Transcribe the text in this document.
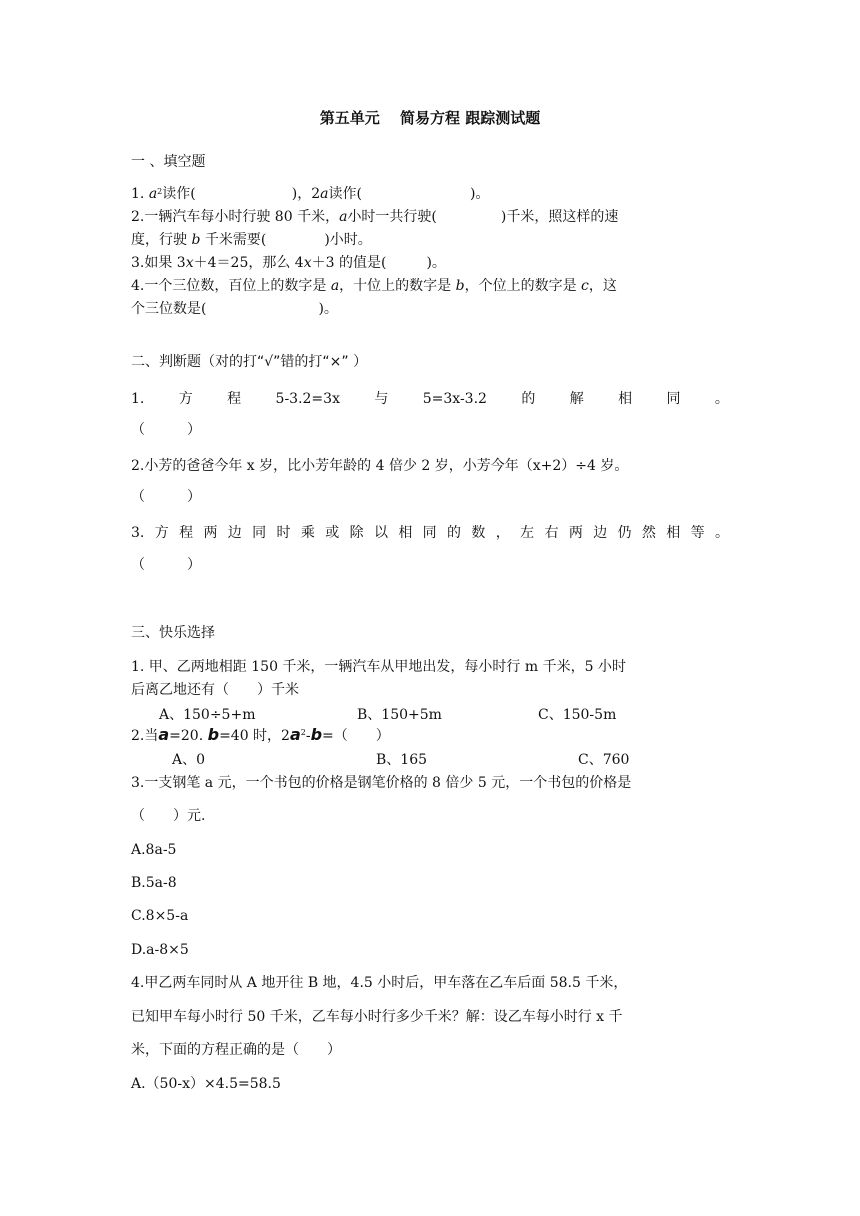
第五单元　 简易方程 跟踪测试题
一 、填空题
1. $a^2$读作(	)，2a读作(	)。
2.一辆汽车每小时行驶 80 千米，a小时一共行驶(	)千米，照这样的速
度，行驶 b 千米需要(	)小时。
3.如果 3x＋4＝25，那么 4x＋3 的值是(	)。
4.一个三位数，百位上的数字是 a，十位上的数字是 b，个位上的数字是 c，这
个三位数是(	)。
二、判断题（对的打“√”错的打“×” ）
1. 方 程 5-3.2=3x 与 5=3x-3.2 的 解 相 同 。
（　　　）
2.小芳的爸爸今年 x 岁，比小芳年龄的 4 倍少 2 岁，小芳今年（x+2）÷4 岁。
（　　　）
3. 方 程 两 边 同 时 乘 或 除 以 相 同 的 数 ， 左 右 两 边 仍 然 相 等 。
（　　　）
三、快乐选择
1. 甲、乙两地相距 150 千米，一辆汽车从甲地出发，每小时行 m 千米，5 小时
后离乙地还有（　　）千米
A、150÷5+m	B、150+5m	C、150-5m
2.当a=20. b=40 时，$2a^2-b=$（　　）
A、0	B、165	C、760
3.一支钢笔 a 元，一个书包的价格是钢笔价格的 8 倍少 5 元，一个书包的价格是
（　　）元.
A.8a-5
B.5a-8
C.8×5-a
D.a-8×5
4.甲乙两车同时从 A 地开往 B 地，4.5 小时后，甲车落在乙车后面 58.5 千米，
已知甲车每小时行 50 千米，乙车每小时行多少千米？解：设乙车每小时行 x 千
米，下面的方程正确的是（　　）
A.（50-x）×4.5=58.5
